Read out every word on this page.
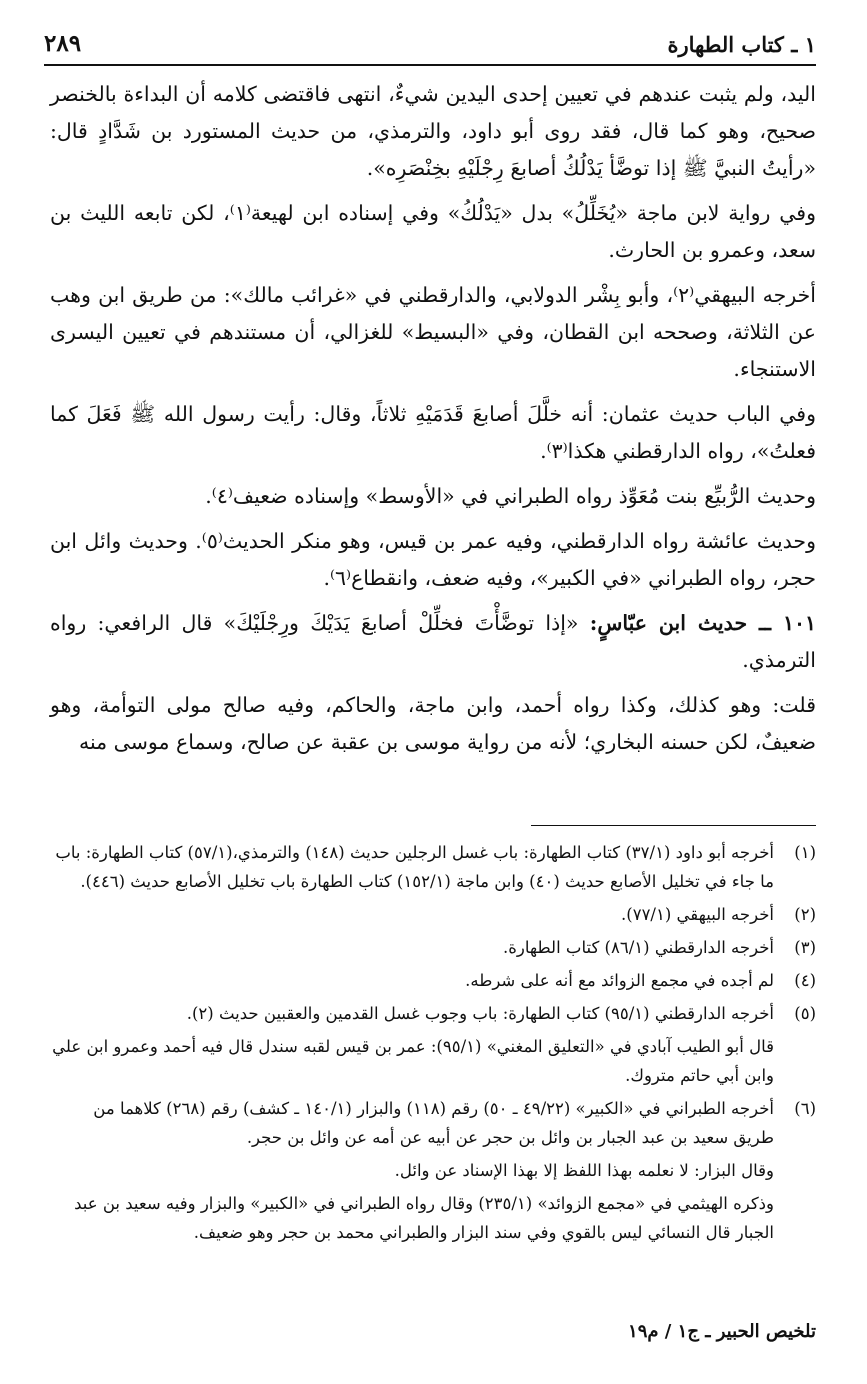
١ ـ كتاب الطهارة
٢٨٩

اليد، ولم يثبت عندهم في تعيين إحدى اليدين شيءٌ، انتهى فاقتضى كلامه أن البداءة بالخنصر صحيح، وهو كما قال، فقد روى أبو داود، والترمذي، من حديث المستورد بن شَدَّادٍ قال: «رأيتُ النبيَّ ﷺ إذا توضَّأ يَدْلُكُ أصابعَ رِجْلَيْهِ بخِنْصَرِه».

وفي رواية لابن ماجة «يُخَلِّلُ» بدل «يَدْلُكُ» وفي إسناده ابن لهيعة⁽١⁾، لكن تابعه الليث بن سعد، وعمرو بن الحارث.

أخرجه البيهقي⁽٢⁾، وأبو بِشْر الدولابي، والدارقطني في «غرائب مالك»: من طريق ابن وهب عن الثلاثة، وصححه ابن القطان، وفي «البسيط» للغزالي، أن مستندهم في تعيين اليسرى الاستنجاء.

وفي الباب حديث عثمان: أنه خلَّلَ أصابعَ قَدَمَيْهِ ثلاثاً، وقال: رأيت رسول الله ﷺ فَعَلَ كما فعلتُ»، رواه الدارقطني هكذا⁽٣⁾.

وحديث الرُّبيِّع بنت مُعَوِّذ رواه الطبراني في «الأوسط» وإسناده ضعيف⁽٤⁾.

وحديث عائشة رواه الدارقطني، وفيه عمر بن قيس، وهو منكر الحديث⁽٥⁾. وحديث وائل ابن حجر، رواه الطبراني «في الكبير»، وفيه ضعف، وانقطاع⁽٦⁾.

١٠١ ــ حديث ابن عبّاسٍ: «إذا توضَّأْتَ فخلِّلْ أصابعَ يَدَيْكَ ورِجْلَيْكَ» قال الرافعي: رواه الترمذي.

قلت: وهو كذلك، وكذا رواه أحمد، وابن ماجة، والحاكم، وفيه صالح مولى التوأمة، وهو ضعيفٌ، لكن حسنه البخاري؛ لأنه من رواية موسى بن عقبة عن صالح، وسماع موسى منه

(١)
أخرجه أبو داود (٣٧/١) كتاب الطهارة: باب غسل الرجلين حديث (١٤٨) والترمذي،(٥٧/١) كتاب الطهارة: باب ما جاء في تخليل الأصابع حديث (٤٠) وابن ماجة (١٥٢/١) كتاب الطهارة باب تخليل الأصابع حديث (٤٤٦).
(٢)
أخرجه البيهقي (٧٧/١).
(٣)
أخرجه الدارقطني (٨٦/١) كتاب الطهارة.
(٤)
لم أجده في مجمع الزوائد مع أنه على شرطه.
(٥)
أخرجه الدارقطني (٩٥/١) كتاب الطهارة: باب وجوب غسل القدمين والعقبين حديث (٢).
قال أبو الطيب آبادي في «التعليق المغني» (٩٥/١): عمر بن قيس لقبه سندل قال فيه أحمد وعمرو ابن علي وابن أبي حاتم متروك.
(٦)
أخرجه الطبراني في «الكبير» (٤٩/٢٢ ـ ٥٠) رقم (١١٨) والبزار (١٤٠/١ ـ كشف) رقم (٢٦٨) كلاهما من طريق سعيد بن عبد الجبار بن وائل بن حجر عن أبيه عن أمه عن وائل بن حجر.
وقال البزار: لا نعلمه بهذا اللفظ إلا بهذا الإسناد عن وائل.
وذكره الهيثمي في «مجمع الزوائد» (٢٣٥/١) وقال رواه الطبراني في «الكبير» والبزار وفيه سعيد بن عبد الجبار قال النسائي ليس بالقوي وفي سند البزار والطبراني محمد بن حجر وهو ضعيف.
تلخيص الحبير ـ ج١ / م١٩
